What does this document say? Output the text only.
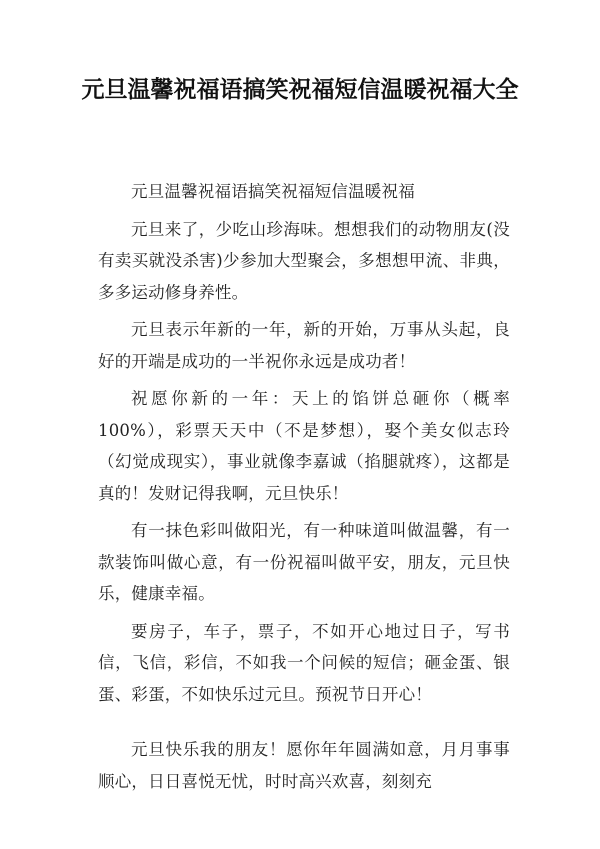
元旦温馨祝福语搞笑祝福短信温暖祝福大全

元旦温馨祝福语搞笑祝福短信温暖祝福

元旦来了，少吃山珍海味。想想我们的动物朋友(没有卖买就没杀害)少参加大型聚会，多想想甲流、非典，多多运动修身养性。

元旦表示年新的一年，新的开始，万事从头起，良好的开端是成功的一半祝你永远是成功者！

祝愿你新的一年：天上的馅饼总砸你（概率100%），彩票天天中（不是梦想），娶个美女似志玲（幻觉成现实），事业就像李嘉诚（掐腿就疼），这都是真的！发财记得我啊，元旦快乐！

有一抹色彩叫做阳光，有一种味道叫做温馨，有一款装饰叫做心意，有一份祝福叫做平安，朋友，元旦快乐，健康幸福。

要房子，车子，票子，不如开心地过日子，写书信，飞信，彩信，不如我一个问候的短信；砸金蛋、银蛋、彩蛋，不如快乐过元旦。预祝节日开心！

元旦快乐我的朋友！愿你年年圆满如意，月月事事顺心，日日喜悦无忧，时时高兴欢喜，刻刻充
